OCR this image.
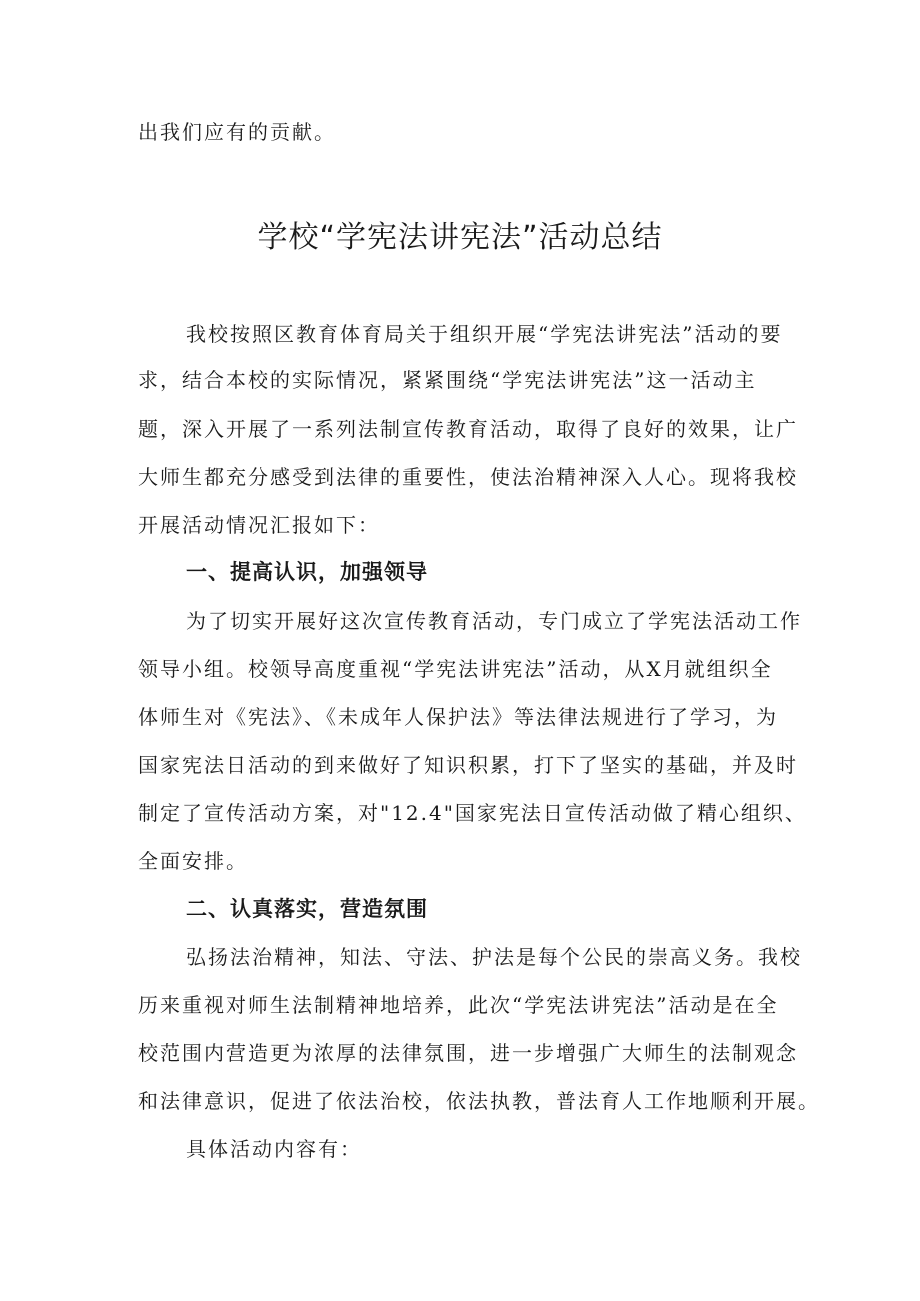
出我们应有的贡献。

学校“学宪法讲宪法”活动总结

我校按照区教育体育局关于组织开展“学宪法讲宪法”活动的要

求，结合本校的实际情况，紧紧围绕“学宪法讲宪法”这一活动主

题，深入开展了一系列法制宣传教育活动，取得了良好的效果，让广

大师生都充分感受到法律的重要性，使法治精神深入人心。现将我校

开展活动情况汇报如下：

一、提高认识，加强领导

为了切实开展好这次宣传教育活动，专门成立了学宪法活动工作

领导小组。校领导高度重视“学宪法讲宪法”活动，从X月就组织全

体师生对《宪法》、《未成年人保护法》等法律法规进行了学习，为

国家宪法日活动的到来做好了知识积累，打下了坚实的基础，并及时

制定了宣传活动方案，对"12.4"国家宪法日宣传活动做了精心组织、

全面安排。

二、认真落实，营造氛围

弘扬法治精神，知法、守法、护法是每个公民的崇高义务。我校

历来重视对师生法制精神地培养，此次“学宪法讲宪法”活动是在全

校范围内营造更为浓厚的法律氛围，进一步增强广大师生的法制观念

和法律意识，促进了依法治校，依法执教，普法育人工作地顺利开展。

具体活动内容有：
